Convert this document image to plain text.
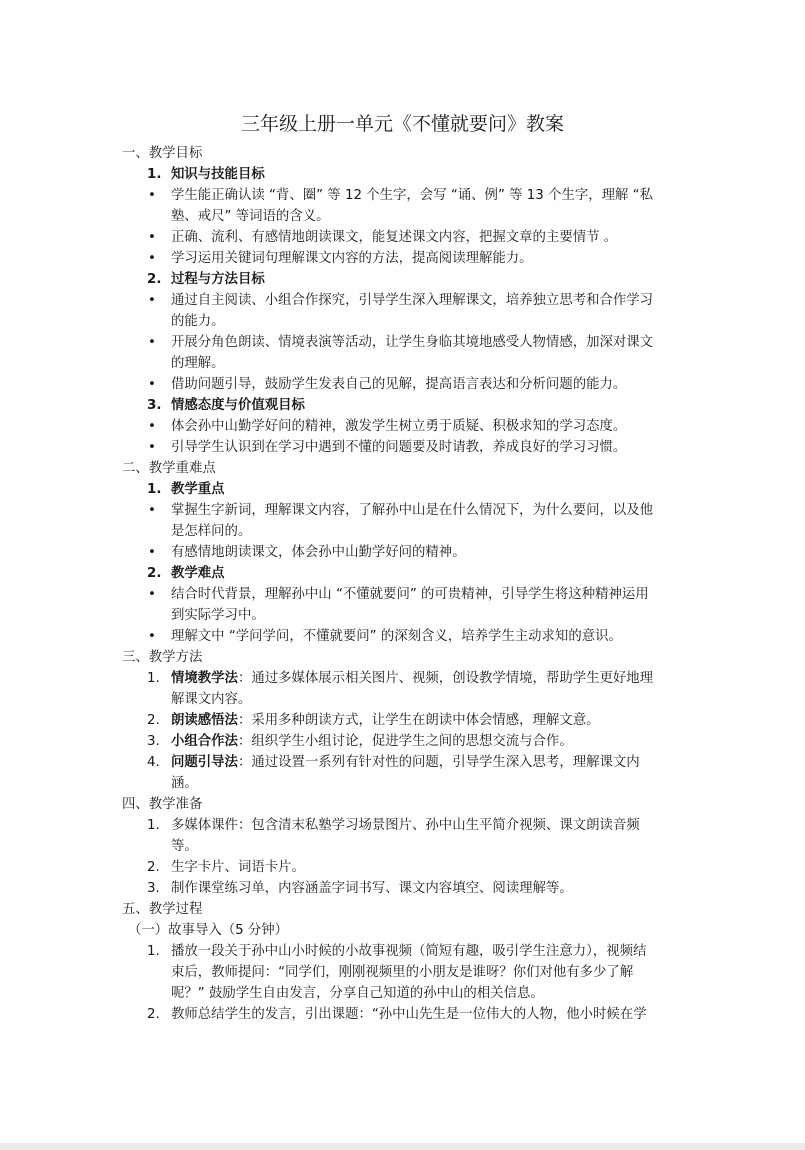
三年级上册一单元《不懂就要问》教案
一、教学目标
1. 知识与技能目标
• 学生能正确认读 “背、圈” 等 12 个生字，会写 “诵、例” 等 13 个生字，理解 “私
塾、戒尺” 等词语的含义。
• 正确、流利、有感情地朗读课文，能复述课文内容，把握文章的主要情节 。
• 学习运用关键词句理解课文内容的方法，提高阅读理解能力。
2. 过程与方法目标
• 通过自主阅读、小组合作探究，引导学生深入理解课文，培养独立思考和合作学习
的能力。
• 开展分角色朗读、情境表演等活动，让学生身临其境地感受人物情感，加深对课文
的理解。
• 借助问题引导，鼓励学生发表自己的见解，提高语言表达和分析问题的能力。
3. 情感态度与价值观目标
• 体会孙中山勤学好问的精神，激发学生树立勇于质疑、积极求知的学习态度。
• 引导学生认识到在学习中遇到不懂的问题要及时请教，养成良好的学习习惯。
二、教学重难点
1. 教学重点
• 掌握生字新词，理解课文内容，了解孙中山是在什么情况下，为什么要问，以及他
是怎样问的。
• 有感情地朗读课文，体会孙中山勤学好问的精神。
2. 教学难点
• 结合时代背景，理解孙中山 “不懂就要问” 的可贵精神，引导学生将这种精神运用
到实际学习中。
• 理解文中 “学问学问，不懂就要问” 的深刻含义，培养学生主动求知的意识。
三、教学方法
1. 情境教学法：通过多媒体展示相关图片、视频，创设教学情境，帮助学生更好地理
解课文内容。
2. 朗读感悟法：采用多种朗读方式，让学生在朗读中体会情感，理解文意。
3. 小组合作法：组织学生小组讨论，促进学生之间的思想交流与合作。
4. 问题引导法：通过设置一系列有针对性的问题，引导学生深入思考，理解课文内
涵。
四、教学准备
1. 多媒体课件：包含清末私塾学习场景图片、孙中山生平简介视频、课文朗读音频
等。
2. 生字卡片、词语卡片。
3. 制作课堂练习单，内容涵盖字词书写、课文内容填空、阅读理解等。
五、教学过程
（一）故事导入（5 分钟）
1. 播放一段关于孙中山小时候的小故事视频（简短有趣，吸引学生注意力），视频结
束后，教师提问：“同学们，刚刚视频里的小朋友是谁呀？你们对他有多少了解
呢？” 鼓励学生自由发言，分享自己知道的孙中山的相关信息。
2. 教师总结学生的发言，引出课题：“孙中山先生是一位伟大的人物，他小时候在学
